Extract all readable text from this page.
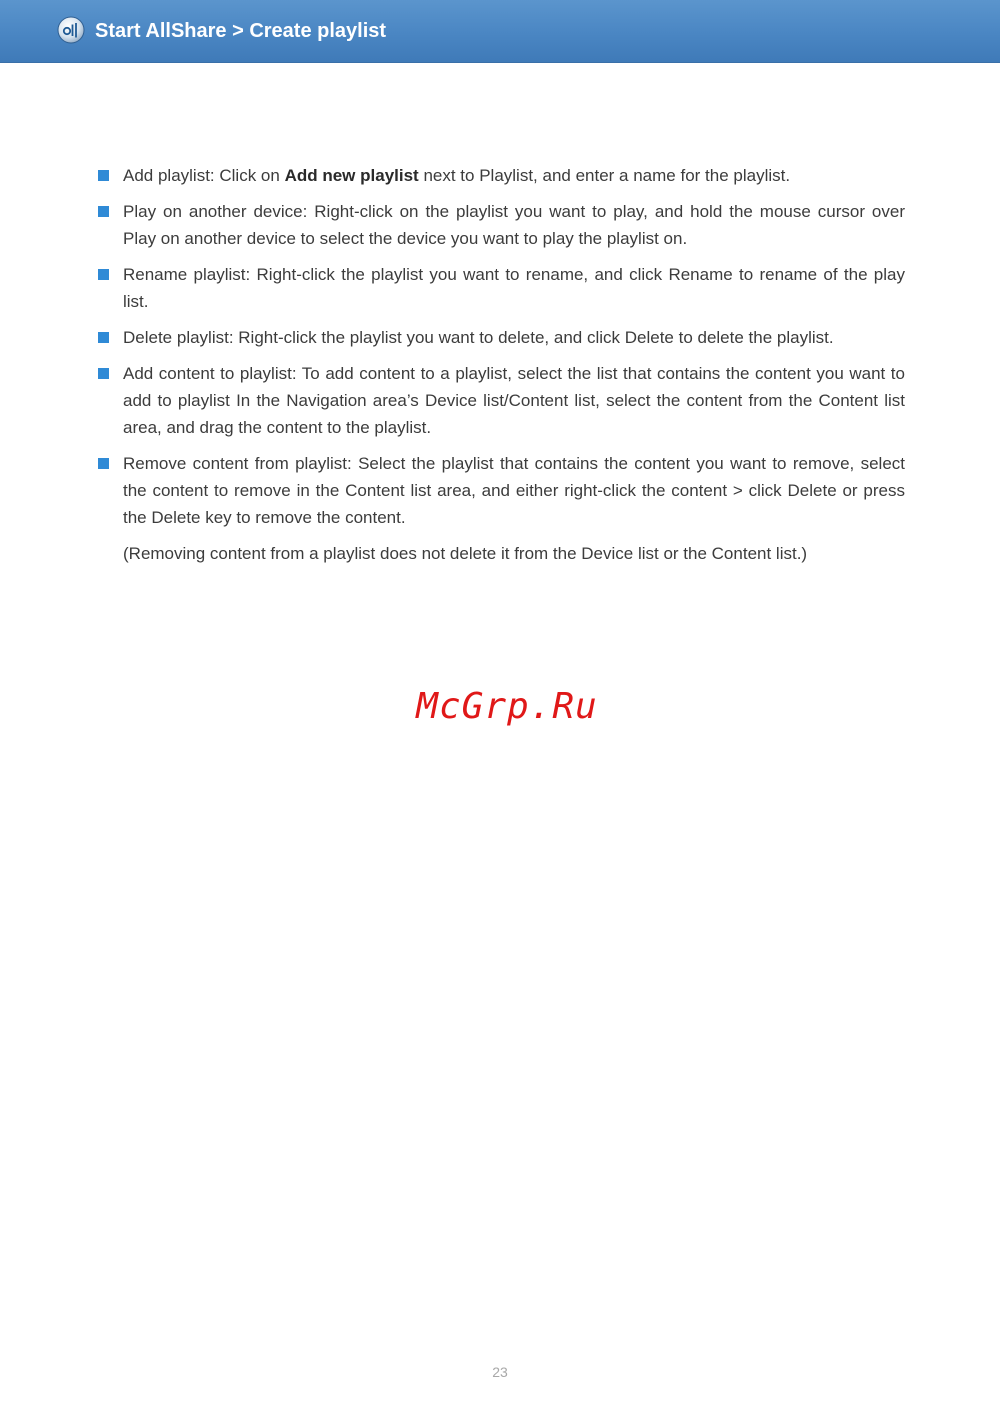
Start AllShare > Create playlist
Add playlist: Click on Add new playlist next to Playlist, and enter a name for the playlist.
Play on another device: Right-click on the playlist you want to play, and hold the mouse cursor over Play on another device to select the device you want to play the playlist on.
Rename playlist: Right-click the playlist you want to rename, and click Rename to rename of the play list.
Delete playlist: Right-click the playlist you want to delete, and click Delete to delete the playlist.
Add content to playlist: To add content to a playlist, select the list that contains the content you want to add to playlist In the Navigation area’s Device list/Content list, select the content from the Content list area, and drag the content to the playlist.
Remove content from playlist: Select the playlist that contains the content you want to remove, select the content to remove in the Content list area, and either right-click the content > click Delete or press the Delete key to remove the content.

(Removing content from a playlist does not delete it from the Device list or the Content list.)

McGrp.Ru
23
